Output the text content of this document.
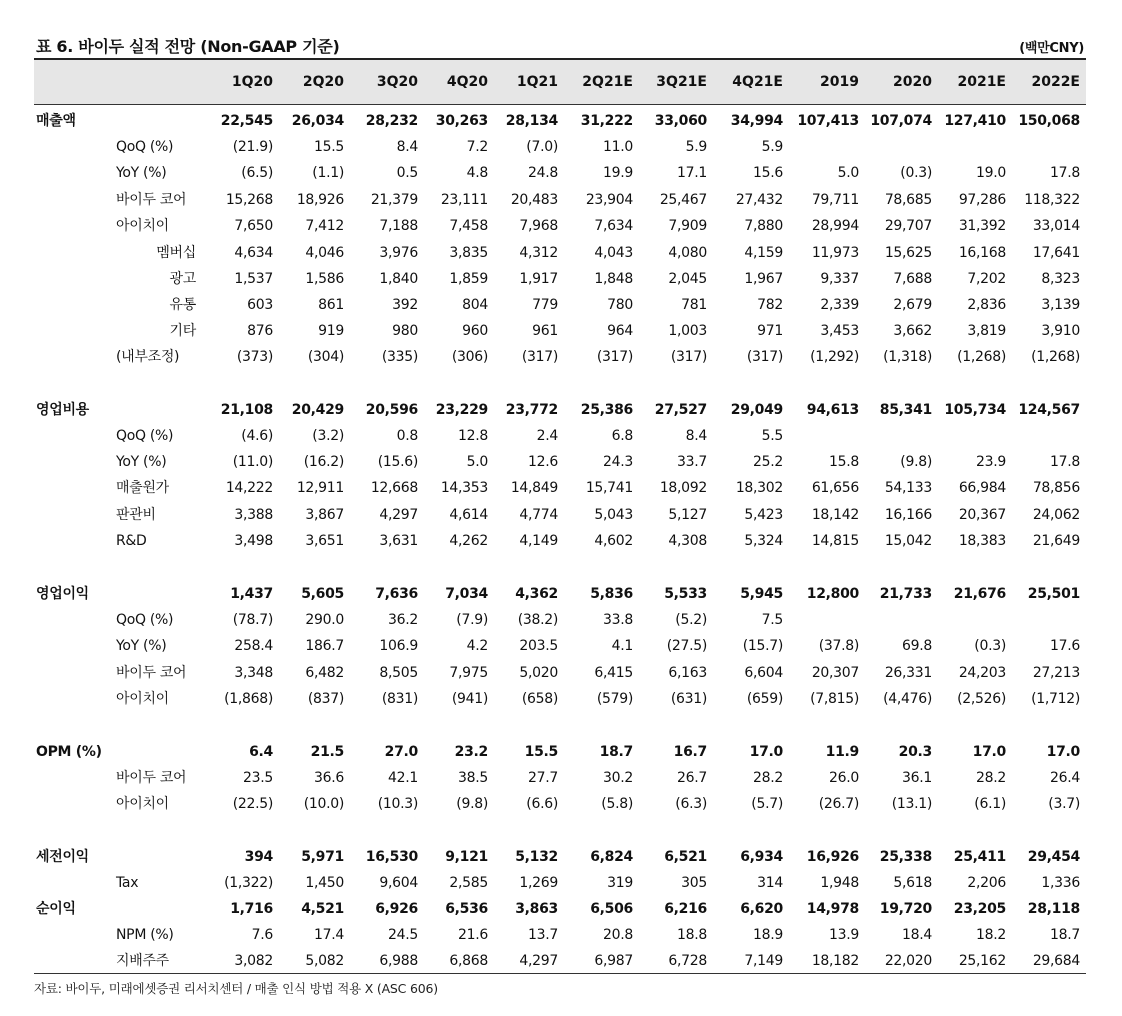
표 6. 바이두 실적 전망 (Non-GAAP 기준)	(백만CNY)
1Q20	2Q20	3Q20	4Q20	1Q21	2Q21E	3Q21E	4Q21E	2019	2020	2021E	2022E
매출액	22,545	26,034	28,232	30,263	28,134	31,222	33,060	34,994	107,413 107,074 127,410 150,068
QoQ (%)	(21.9)	15.5	8.4	7.2	(7.0)	11.0	5.9	5.9
YoY (%)	(6.5)	(1.1)	0.5	4.8	24.8	19.9	17.1	15.6	5.0	(0.3)	19.0	17.8
바이두 코어	15,268	18,926	21,379	23,111	20,483	23,904	25,467	27,432	79,711	78,685	97,286	118,322
아이치이	7,650	7,412	7,188	7,458	7,968	7,634	7,909	7,880	28,994	29,707	31,392	33,014
멤버십	4,634	4,046	3,976	3,835	4,312	4,043	4,080	4,159	11,973	15,625	16,168	17,641
광고	1,537	1,586	1,840	1,859	1,917	1,848	2,045	1,967	9,337	7,688	7,202	8,323
유통	603	861	392	804	779	780	781	782	2,339	2,679	2,836	3,139
기타	876	919	980	960	961	964	1,003	971	3,453	3,662	3,819	3,910
(내부조정)	(373)	(304)	(335)	(306)	(317)	(317)	(317)	(317)	(1,292)	(1,318)	(1,268)	(1,268)
영업비용	21,108	20,429	20,596	23,229	23,772	25,386	27,527	29,049	94,613	85,341 105,734 124,567
QoQ (%)	(4.6)	(3.2)	0.8	12.8	2.4	6.8	8.4	5.5
YoY (%)	(11.0)	(16.2)	(15.6)	5.0	12.6	24.3	33.7	25.2	15.8	(9.8)	23.9	17.8
매출원가	14,222	12,911	12,668	14,353	14,849	15,741	18,092	18,302	61,656	54,133	66,984	78,856
판관비	3,388	3,867	4,297	4,614	4,774	5,043	5,127	5,423	18,142	16,166	20,367	24,062
R&D	3,498	3,651	3,631	4,262	4,149	4,602	4,308	5,324	14,815	15,042	18,383	21,649
영업이익	1,437	5,605	7,636	7,034	4,362	5,836	5,533	5,945	12,800	21,733	21,676	25,501
QoQ (%)	(78.7)	290.0	36.2	(7.9)	(38.2)	33.8	(5.2)	7.5
YoY (%)	258.4	186.7	106.9	4.2	203.5	4.1	(27.5)	(15.7)	(37.8)	69.8	(0.3)	17.6
바이두 코어	3,348	6,482	8,505	7,975	5,020	6,415	6,163	6,604	20,307	26,331	24,203	27,213
아이치이	(1,868)	(837)	(831)	(941)	(658)	(579)	(631)	(659)	(7,815)	(4,476)	(2,526)	(1,712)
OPM (%)	6.4	21.5	27.0	23.2	15.5	18.7	16.7	17.0	11.9	20.3	17.0	17.0
바이두 코어	23.5	36.6	42.1	38.5	27.7	30.2	26.7	28.2	26.0	36.1	28.2	26.4
아이치이	(22.5)	(10.0)	(10.3)	(9.8)	(6.6)	(5.8)	(6.3)	(5.7)	(26.7)	(13.1)	(6.1)	(3.7)
세전이익	394	5,971	16,530	9,121	5,132	6,824	6,521	6,934	16,926	25,338	25,411	29,454
Tax	(1,322)	1,450	9,604	2,585	1,269	319	305	314	1,948	5,618	2,206	1,336
순이익	1,716	4,521	6,926	6,536	3,863	6,506	6,216	6,620	14,978	19,720	23,205	28,118
NPM (%)	7.6	17.4	24.5	21.6	13.7	20.8	18.8	18.9	13.9	18.4	18.2	18.7
지배주주	3,082	5,082	6,988	6,868	4,297	6,987	6,728	7,149	18,182	22,020	25,162	29,684
자료: 바이두, 미래에셋증권 리서치센터 / 매출 인식 방법 적용 X (ASC 606)
